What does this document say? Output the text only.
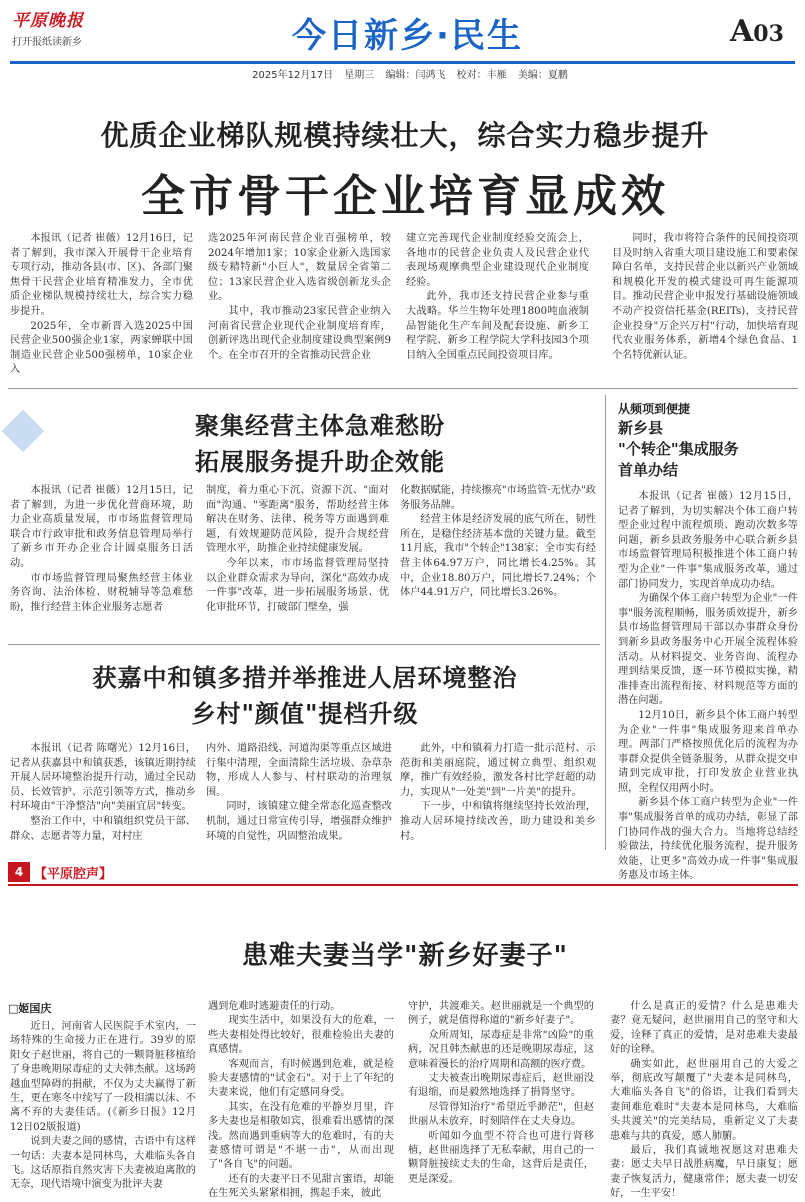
平原晚报
打开报纸读新乡	今日新乡·民生	A03
2025年12月17日 星期三 编辑：闫鸿飞 校对：丰雁 美编：夏鹏
优质企业梯队规模持续壮大，综合实力稳步提升
全市骨干企业培育显成效

本报讯（记者 崔薇）12月16日，记者了解到，我市深入开展骨干企业培育专项行动，推动各县(市、区)、各部门聚焦骨干民营企业培育精准发力，全市优质企业梯队规模持续壮大，综合实力稳步提升。

2025年，全市新晋入选2025中国民营企业500强企业1家，两家蝉联中国制造业民营企业500强榜单，10家企业入

选2025年河南民营企业百强榜单，较2024年增加1家；10家企业新入选国家级专精特新"小巨人"，数量居全省第二位；13家民营企业入选省级创新龙头企业。

其中，我市推动23家民营企业纳入河南省民营企业现代企业制度培育库，创新评选出现代企业制度建设典型案例9个。在全市召开的全省推动民营企业

建立完善现代企业制度经验交流会上，各地市的民营企业负责人及民营企业代表现场观摩典型企业建设现代企业制度经验。

此外，我市还支持民营企业参与重大战略。华兰生物年处理1800吨血液制品智能化生产车间及配套设施、新乡工程学院、新乡工程学院大学科技园3个项目纳入全国重点民间投资项目库。

同时，我市将符合条件的民间投资项目及时纳入省重大项目建设施工和要素保障白名单，支持民营企业以新兴产业领域和规模化开发的模式建设可再生能源项目。推动民营企业申报发行基础设施领域不动产投资信托基金(REITs)，支持民营企业投身"万企兴万村"行动，加快培育现代农业服务体系，新增4个绿色食品、1个名特优新认证。

聚集经营主体急难愁盼
拓展服务提升助企效能

本报讯（记者 崔薇）12月15日，记者了解到，为进一步优化营商环境，助力企业高质量发展，市市场监督管理局联合市行政审批和政务信息管理局举行了新乡市开办企业合计圆桌服务日活动。

市市场监督管理局聚焦经营主体业务咨询、法治体检、财税辅导等急难愁盼，推行经营主体企业服务志愿者

制度，着力重心下沉、资源下沉、"面对面"沟通、"零距离"服务，帮助经营主体解决在财务、法律、税务等方面遇到难题，有效规避防范风险，提升合规经营管理水平，助推企业持续健康发展。

今年以来，市市场监督管理局坚持以企业群众需求为导向，深化"高效办成一件事"改革，进一步拓展服务场景、优化审批环节，打破部门壁垒，强

化数据赋能，持续擦亮"市场监管·无忧办"政务服务品牌。

经营主体是经济发展的底气所在，韧性所在，是稳住经济基本盘的关键力量。截至11月底，我市"个转企"138家；全市实有经营主体64.97万户，同比增长4.25%。其中，企业18.80万户，同比增长7.24%；个体户44.91万户，同比增长3.26%。

从频项到便捷
新乡县
"个转企"集成服务
首单办结

本报讯（记者 崔薇）12月15日，记者了解到，为切实解决个体工商户转型企业过程中流程烦琐、跑动次数多等问题，新乡县政务服务中心联合新乡县市场监督管理局积极推进个体工商户转型为企业"一件事"集成服务改革，通过部门协同发力，实现首单成功办结。

为确保个体工商户转型为企业"一件事"服务流程顺畅，服务质效提升，新乡县市场监督管理局干部以办事群众身份到新乡县政务服务中心开展全流程体验活动。从材料提交、业务咨询、流程办理到结果反馈，逐一环节模拟实操，精准排查出流程衔接、材料规范等方面的潜在问题。

12月10日，新乡县个体工商户转型为企业"一件事"集成服务迎来首单办理。两部门严格按照优化后的流程为办事群众提供全链条服务，从群众提交申请到完成审批，打印发放企业营业执照，全程仅用两小时。

新乡县个体工商户转型为企业"一件事"集成服务首单的成功办结，彰显了部门协同作战的强大合力。当地将总结经验做法，持续优化服务流程，提升服务效能，让更多"高效办成一件事"集成服务惠及市场主体。

获嘉中和镇多措并举推进人居环境整治
乡村"颜值"提档升级

本报讯（记者 陈曙光）12月16日，记者从获嘉县中和镇获悉，该镇近期持续开展人居环境整治提升行动，通过全民动员、长效管护、示范引领等方式，推动乡村环境由"干净整洁"向"美丽宜居"转变。

整治工作中，中和镇组织党员干部、群众、志愿者等力量，对村庄

内外、道路沿线、河道沟渠等重点区域进行集中清理，全面清除生活垃圾、杂草杂物，形成人人参与、村村联动的治理氛围。

同时，该镇建立健全常态化巡查整改机制，通过日常宣传引导，增强群众维护环境的自觉性，巩固整治成果。

此外，中和镇着力打造一批示范村、示范街和美丽庭院，通过树立典型、组织观摩，推广有效经验，激发各村比学赶超的动力，实现从"一处美"到"一片美"的提升。

下一步，中和镇将继续坚持长效治理，推动人居环境持续改善，助力建设和美乡村。

4 【平原腔声】
患难夫妻当学"新乡好妻子"
□姬国庆

近日，河南省人民医院手术室内，一场特殊的生命接力正在进行。39岁的原阳女子赵世丽，将自己的一颗肾脏移植给了身患晚期尿毒症的丈夫韩杰献。这场跨越血型障碍的捐献，不仅为丈夫赢得了新生，更在寒冬中续写了一段相濡以沫、不离不弃的夫妻佳话。(《新乡日报》12月12日02版报道)

说到夫妻之间的感情，古语中有这样一句话：夫妻本是同林鸟，大难临头各自飞。这话原指自然灾害下夫妻被迫离散的无奈，现代语境中演变为批评夫妻

遇到危难时逃避责任的行动。

现实生活中，如果没有大的危难，一些夫妻相处得比较好，很难检验出夫妻的真感情。

客观而言，有时候遇到危难，就是检验夫妻感情的"试金石"。对于上了年纪的夫妻来说，他们有定感同身受。

其实，在没有危难的平静岁月里，许多夫妻也是相敬如宾，很难看出感情的深浅。然而遇到重病等大的危难时，有的夫妻感情可谓是"不堪一击"，从而出现了"各自飞"的问题。

还有的夫妻平日不见甜言蜜语，却能在生死关头紧紧相拥，携起手来，彼此

守护，共渡难关。赵世丽就是一个典型的例子，就是值得称道的"新乡好妻子"。

众所周知，尿毒症是非常"凶险"的重病，况且韩杰献患的还是晚期尿毒症，这意味着漫长的治疗周期和高额的医疗费。

丈夫被查出晚期尿毒症后，赵世丽没有退缩，而是毅然地选择了捐肾坚守。

尽管得知治疗"希望近乎渺茫"，但赵世丽从未放弃，时刻陪伴在丈夫身边。

听闻如今血型不符合也可进行肾移植，赵世丽选择了无私奉献，用自己的一颗肾脏接续丈夫的生命，这背后是责任，更是深爱。

什么是真正的爱情？什么是患难夫妻？竟无疑问，赵世丽用自己的坚守和大爱，诠释了真正的爱情，是对患难夫妻最好的诠释。

确实如此，赵世丽用自己的大爱之举，彻底改写颠覆了"夫妻本是同林鸟，大难临头各自飞"的俗语，让我们看到夫妻间难危难时"夫妻本是同林鸟，大难临头共渡关"的完美结局，重新定义了夫妻患难与共的真爱，感人肺腑。

最后，我们真诚地祝愿这对患难夫妻：愿丈夫早日战胜病魔，早日康复；愿妻子恢复活力，健康常伴；愿夫妻一切安好，一生平安！
